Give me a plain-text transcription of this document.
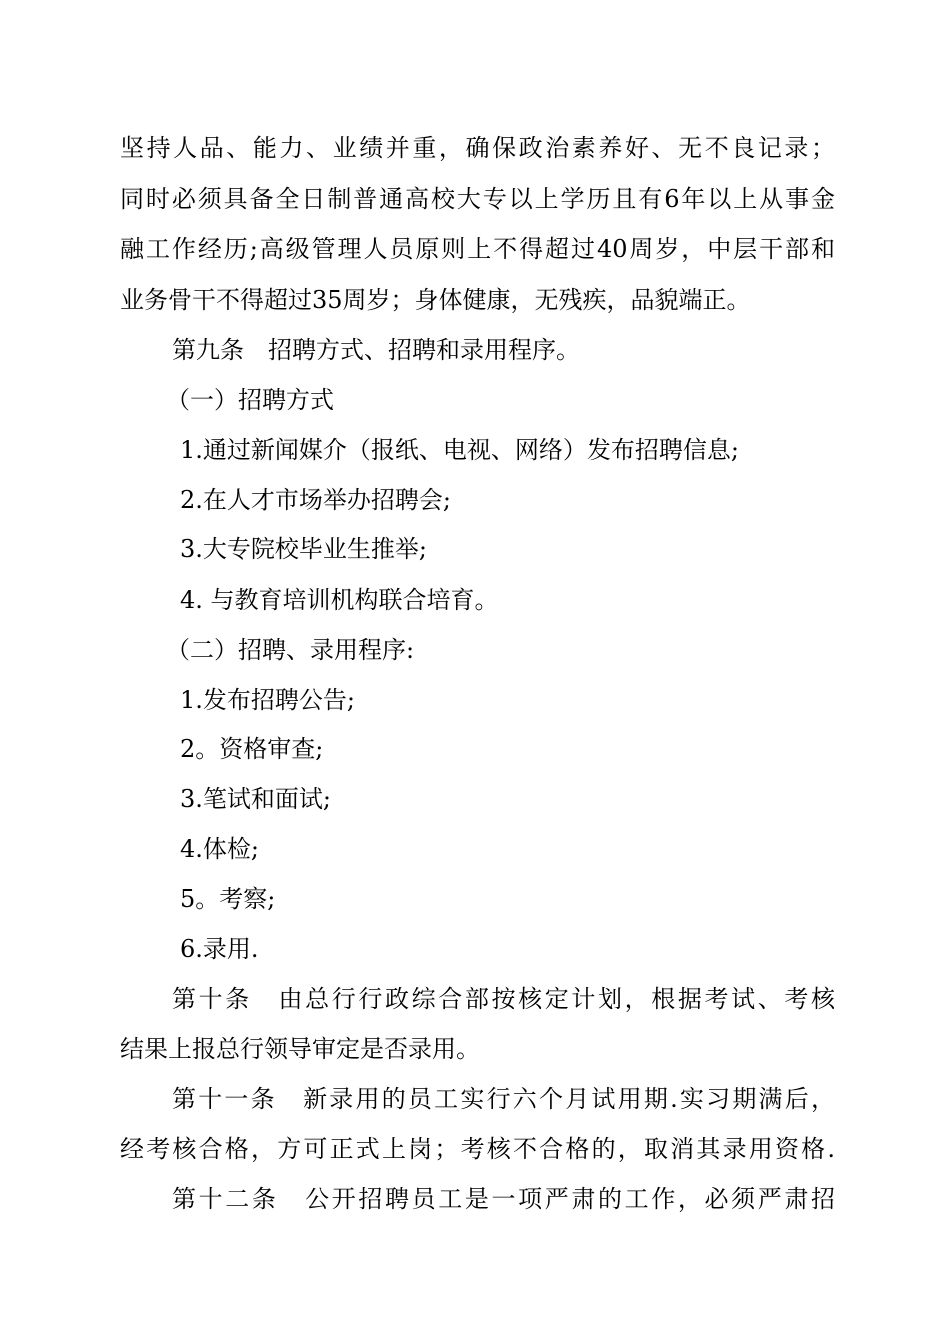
坚持人品、能力、业绩并重，确保政治素养好、无不良记录；
同时必须具备全日制普通高校大专以上学历且有6年以上从事金
融工作经历;高级管理人员原则上不得超过40周岁，中层干部和
业务骨干不得超过35周岁；身体健康，无残疾，品貌端正。
第九条　招聘方式、招聘和录用程序。
（一）招聘方式
1.通过新闻媒介（报纸、电视、网络）发布招聘信息;
2.在人才市场举办招聘会;
3.大专院校毕业生推举;
4. 与教育培训机构联合培育。
（二）招聘、录用程序:
1.发布招聘公告;
2。资格审查;
3.笔试和面试;
4.体检;
5。考察;
6.录用.
第十条　由总行行政综合部按核定计划，根据考试、考核
结果上报总行领导审定是否录用。
第十一条　新录用的员工实行六个月试用期.实习期满后，
经考核合格，方可正式上岗；考核不合格的，取消其录用资格.
第十二条　公开招聘员工是一项严肃的工作，必须严肃招
